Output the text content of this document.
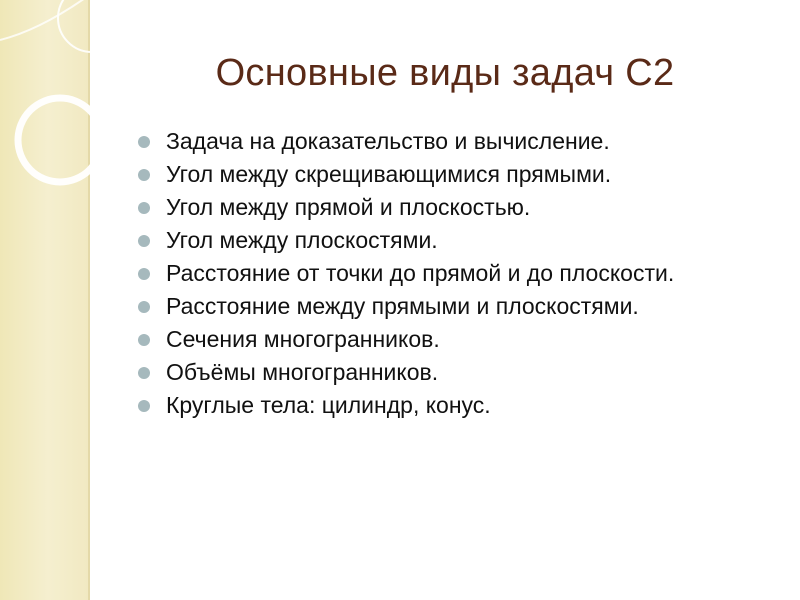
Основные виды задач С2
Задача на доказательство и вычисление.
Угол между скрещивающимися прямыми.
Угол между прямой и плоскостью.
Угол между плоскостями.
Расстояние от точки до прямой и до плоскости.
Расстояние между прямыми и плоскостями.
Сечения многогранников.
Объёмы многогранников.
Круглые тела: цилиндр, конус.
